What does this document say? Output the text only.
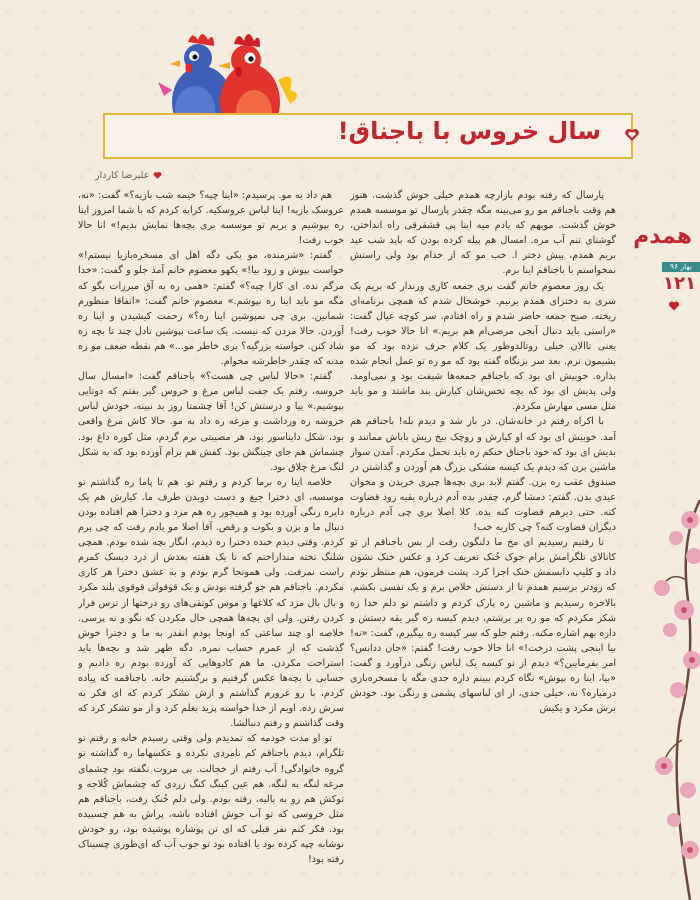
سال خروس با باجناق!
علیرضا کاردار

پارسال که رفته بودم بازارچه همدم خیلی خوش گذشت. هنوز هم وقت باجناقم مو رو می‌بینه مگه چقدر پارسال تو موسسه همدم خوش گذشت. موبهم که یادم میه اینا پی قشقرقی راه انداختن، گوشتای تنم آب مره. امسال هم پیله کرده بودن که باید شب عید بریم همدم، بیش دختر ا. خب مو که از خدام بود ولی راستش نمخواستم با باجناقم اینا برم.

یک روز معصوم خانم گفت بری جمعه کاری ورندار که بریم یک سری به دخترای همدم بزنیم. خوشحال شدم که همچی برنامه‌ای ریخته. صبح جمعه حاضر شدم و راه افتادم. سر کوچه عیال گفت: «راستی باید دنبال آبجی مرضی‌ام هم بریم.» انا حالا خوب رفت! یعنی تاالان خیلی روتالدوطور یک کلام حرف نزده بود که مو بشیمون نرم. بعد سر بزنگاه گفته بود که مو ره تو عمل انجام شده بذاره. خوبیش ای بود که باجناقم جمعه‌ها شیفت بود و نمی‌اومد. ولی بدیش ای بود که بچه تخس‌شان کیارش بند ماشتد و مو باید مثل مسی مهارش مکردم.

با اکراه رفتم در خانه‌شان. در باز شد و دیدم بله! باجناقم هم آمد. خوبیش ای بود که او کیارش و روچک بیخ ریش باباش ممانند و بدیش ای بود که خود باجناق خنکم ره باید تحمل مکردم. آمدن سوار ماشین برن که دیدم یک کیسه مشکی بزرگ هم آوردن و گذاشتن در صندوق عقب ره بزن. گفتم لابد بری بچه‌ها چیزی خریدن و مخوان عیدی بدن. گفتم: دمشا گرم، چقدر بده آدم درباره بقیه زود قضاوت کنه. حتی دیرهم قضاوت کنه بده. کلا اصلا بری چی آدم درباره دیگران قضاوت کنه؟ چی کاریه خب!

تا رفتیم رسیدیم ای مخ ما دلنگون رفت از بس باجناقم از تو کانالای تلگرامش برام جوک خُنک تعریف کرد و عکس خنک نشون داد و کلیپ دابسمش خنک اجرا کرد. پشت فرمون، هم منتظر بودم که زودتر برسیم همدم تا از دستش خلاص برم و یک نفسی بکشم. بالاخره رسیدیم و ماشین ره پارک کردم و داشتم تو دلم خدا ره شکر مکردم که مو ره بر برشتم، دیدم کیسه ره گیر یقه دستش و داره بهم اشاره مکنه. رفتم جلو که سر کیسه ره بیگیرم، گفت: «نه! بیا اینجی پشت درخت!» انا حالا خوب رفت! گفتم: «جان ددانس؟ امر بفرمایین؟» دیدم از تو کیسه یک لباس زنگی درآورد و گفت: «بیا، اینا ره بپوش» نگاه کردم ببینم داره جدی مگه یا مسخره‌بازی درمیاره؟ نه، خیلی جدی، از ای لباسهای پشمی و رنگی بود. خودش برش مکرد و یکیش

هم داد به مو. پرسیدم: «اینا چیه؟ خیمه شب بازیه؟» گفت: «نه، عروسک بازیه! اینا لباس عروسکیه. کرایه کردم که با شما امروز اینا ره بپوشیم و بریم تو موسسه بری بچه‌ها نمایش بدیم!» انا حالا خوب رفت!

گفتم: «شرمنده، مو یکی دگه اهل ای مسخره‌بازیا نیستم!» خواست بپوش و زود بیا!» یکهو معصوم خانم آمد جلو و گفت: «خدا مرگم نده. ای کارا چیه؟» گفتم: «همی ره به آق میرزات بگو که مگه مو باید اینا ره بپوشم.» معصوم خانم گفت: «اتفاقا منظورم شمانین. بری چی نمپوشین اینا ره؟» زحمت کیشیدن و اینا ره آوردن. حالا مردن که نیست. یک ساعت بپوشین تادل چند تا بچه ره شاد کنن. خواسته بزرگیه؟ بری خاطر مو...» هم نقطه ضعف مو ره مدنه که چقدر خاطرشه مخوام.

گفتم: «حالا لباس چی هست؟» باجناقم گفت: «امسال سال خروسه، رفتم یک جفت لباس مرغ و خروس گیر بفتم که دوتایی بپوشیم.» بیا و درستش کن! آقا چشمتا روز بد نبینه، خودش لباس خروسه ره ورداشت و مرغه ره داد به مو. حالا کاش مرغ واقعی بود، شکل دایناسور بود، هر مصیبتی برم گردم، مثل کوره داغ بود. چشماش هم جای چینگش بود. کفش هم برام آورده بود که به شکل لنگ مرغ چلاق بود.

خلاصه اینا ره برما کردم و رفتم تو. هم تا پاما ره گذاشتم تو موسسه، ای دخترا جیغ و دست دوبدن طرف ما. کیارش هم یک دایره رنگی آورده بود و همیجور ره هم مزد و دخترا هم افتاده بودن دنبال ما و بزن و بکوب و رقص. آقا اصلا مو یادم رفت که چی برم کردم. وقتی دیدم خنده دخترا ره دیدم، انگار بچه شده بودم. همچی شلنگ تخته مندازاختم که تا یک هفته بعدش از درد دیسک کمرم راست نمرفت. ولی همونجا گرم بودم و به عشق دخترا هر کاری مکردم. باجناقم هم جو گرفته بودش و یک قوقولی قوقوی بلند مکرد و بال بال مزد که کلاغها و موس کوتقی‌های رو درختها از ترس فرار کردن رفتن. ولی ای بچه‌ها همچی حال مکردن که نگو و نه پرسی. خلاصه او چند ساعتی که اونجا بودم انقدر به ما و دخترا خوش گذشت که از عمرم حساب نمره. دگه ظهر شد و بچه‌ها باید استراحت مکردن. ما هم کادوهایی که آورده بودم ره دادیم و حسابی با بچه‌ها عکس گرفتیم و برگشتیم خانه. باجناقمه که پیاده کردم، با رو غرورم گذاشتم و ازش تشکر کردم که ای فکر به سرش زده. اویم از خدا خواسته پرید بغلم کرد و از مو تشکر کرد که وقت گذاشتم و رفتم دنبالشا.

تو او مدت خودمه که تمدیدم ولی وقتی رسیدم خانه و رفتم تو تلگرام، دیدم باجناقم کم نامردی نکرده و عکسهاما ره گذاشته تو گروه خانوادگی! آب رفتم از خجالت. بی مروت نگفته بود چشمای مرغه لنگه به لنگه. هم عین کبنگ کنگ زردی که چشماش کُلاجه و توکش هم رو به بالیه، رفته بودم. ولی دلم خُنک رفت، باجناقم هم مثل خروسی که تو آب جوش افتاده باشه، پراش به هم چسبیده بود. فکر کنم نفر قبلی که ای تن پوشاره پوشیده بود، رو خودش نوشابه چپه کرده بود یا افتاده بود تو جوب آب که ای‌طوری چسبناک رفته بود!

همدم
بهار ۹۶
۱۲۱
